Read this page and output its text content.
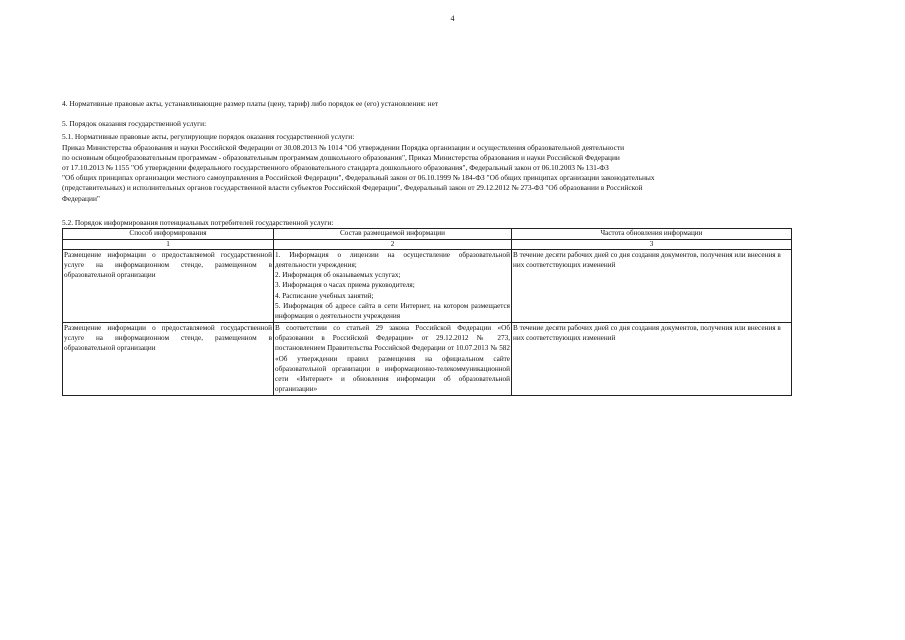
4

4. Нормативные правовые акты, устанавливающие размер платы (цену, тариф) либо порядок ее (его) установления: нет

5. Порядок оказания государственной услуги:

5.1. Нормативные правовые акты, регулирующие порядок оказания государственной услуги:

Приказ Министерства образования и науки Российской Федерации от 30.08.2013 № 1014 "Об утверждении Порядка организации и осуществления образовательной деятельности
по основным общеобразовательным программам - образовательным программам дошкольного образования", Приказ Министерства образования и науки Российской Федерации
от 17.10.2013 № 1155 "Об утверждении федерального государственного образовательного стандарта дошкольного образования", Федеральный закон от 06.10.2003 № 131-ФЗ
"Об общих принципах организации местного самоуправления в Российской Федерации", Федеральный закон от 06.10.1999 № 184-ФЗ "Об общих принципах организации законодательных
(представительных) и исполнительных органов государственной власти субъектов Российской Федерации", Федеральный закон от 29.12.2012 № 273-ФЗ "Об образовании в Российской
Федерации"

5.2. Порядок информирования потенциальных потребителей государственной услуги:

Способ информирования	Состав размещаемой информации	Частота обновления информации
1	2	3
Размещение информации о предоставляемой государственной услуге на информационном стенде, размещенном в образовательной организации	1. Информация о лицензии на осуществление образовательной деятельности учреждения;
2. Информация об оказываемых услугах;
3. Информация о часах приема руководителя;
4. Расписание учебных занятий;
5. Информация об адресе сайта в сети Интернет, на котором размещается информация о деятельности учреждения	В течение десяти рабочих дней со дня создания документов, получения или внесения в них соответствующих изменений
Размещение информации о предоставляемой государственной услуге на информационном стенде, размещенном в образовательной организации	В соответствии со статьей 29 закона Российской Федерации «Об образовании в Российской Федерации» от 29.12.2012 № 273, постановлением Правительства Российской Федерации от 10.07.2013 № 582 «Об утверждении правил размещения на официальном сайте образовательной организации в информационно-телекоммуникационной сети «Интернет» и обновления информации об образовательной организации»	В течение десяти рабочих дней со дня создания документов, получения или внесения в них соответствующих изменений
